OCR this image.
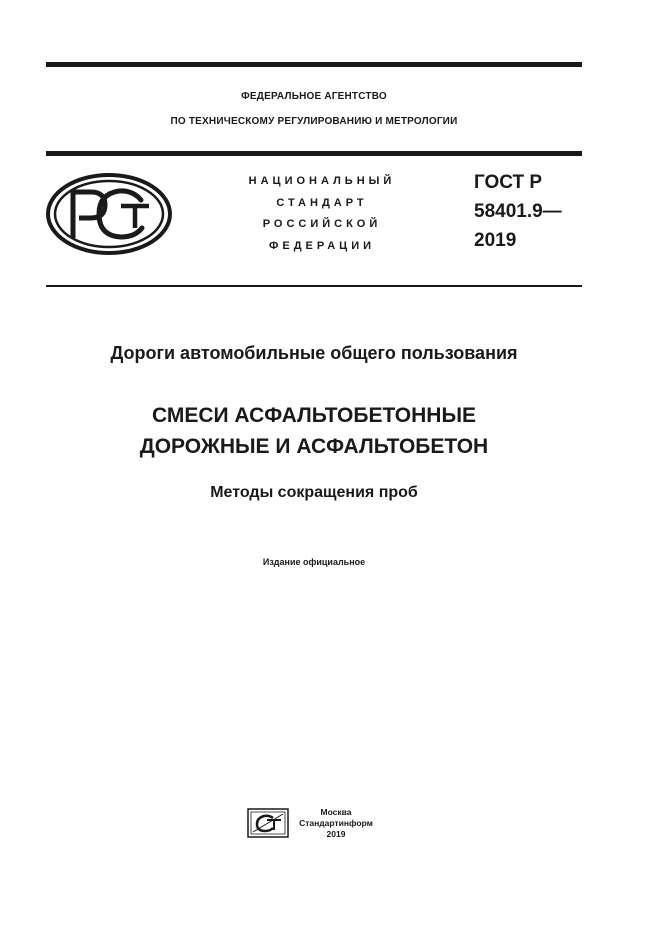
ФЕДЕРАЛЬНОЕ АГЕНТСТВО
ПО ТЕХНИЧЕСКОМУ РЕГУЛИРОВАНИЮ И МЕТРОЛОГИИ
НАЦИОНАЛЬНЫЙ
СТАНДАРТ
РОССИЙСКОЙ
ФЕДЕРАЦИИ
ГОСТ Р
58401.9—
2019
Дороги автомобильные общего пользования
СМЕСИ АСФАЛЬТОБЕТОННЫЕ
ДОРОЖНЫЕ И АСФАЛЬТОБЕТОН
Методы сокращения проб
Издание официальное
Москва
Стандартинформ
2019
